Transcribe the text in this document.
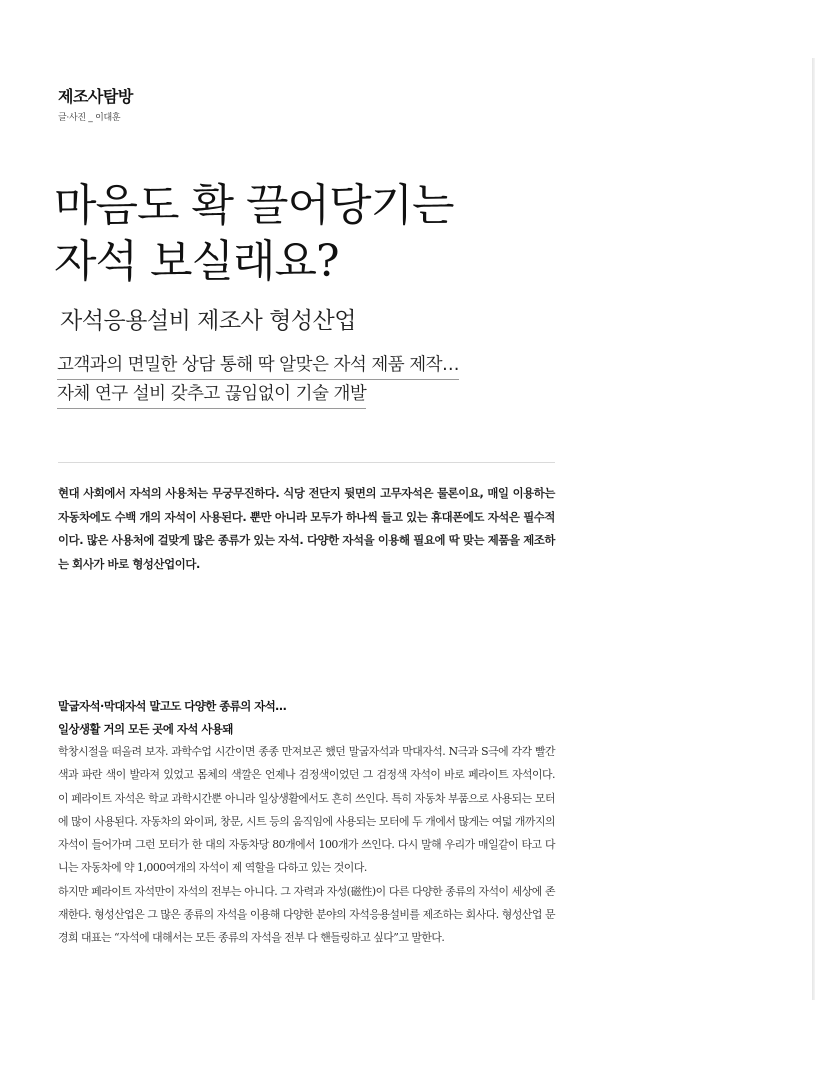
제조사탐방
글·사진 _ 이대훈
마음도 확 끌어당기는
자석 보실래요?
자석응용설비 제조사 형성산업
고객과의 면밀한 상담 통해 딱 알맞은 자석 제품 제작…
자체 연구 설비 갖추고 끊임없이 기술 개발
현대 사회에서 자석의 사용처는 무궁무진하다. 식당 전단지 뒷면의 고무자석은 물론이요, 매일 이용하는 자동차에도 수백 개의 자석이 사용된다. 뿐만 아니라 모두가 하나씩 들고 있는 휴대폰에도 자석은 필수적이다. 많은 사용처에 걸맞게 많은 종류가 있는 자석. 다양한 자석을 이용해 필요에 딱 맞는 제품을 제조하는 회사가 바로 형성산업이다.
말굽자석·막대자석 말고도 다양한 종류의 자석…
일상생활 거의 모든 곳에 자석 사용돼

학창시절을 떠올려 보자. 과학수업 시간이면 종종 만져보곤 했던 말굽자석과 막대자석. N극과 S극에 각각 빨간 색과 파란 색이 발라져 있었고 몸체의 색깔은 언제나 검정색이었던 그 검정색 자석이 바로 페라이트 자석이다. 이 페라이트 자석은 학교 과학시간뿐 아니라 일상생활에서도 흔히 쓰인다. 특히 자동차 부품으로 사용되는 모터에 많이 사용된다. 자동차의 와이퍼, 창문, 시트 등의 움직임에 사용되는 모터에 두 개에서 많게는 여덟 개까지의 자석이 들어가며 그런 모터가 한 대의 자동차당 80개에서 100개가 쓰인다. 다시 말해 우리가 매일같이 타고 다니는 자동차에 약 1,000여개의 자석이 제 역할을 다하고 있는 것이다.

하지만 페라이트 자석만이 자석의 전부는 아니다. 그 자력과 자성(磁性)이 다른 다양한 종류의 자석이 세상에 존재한다. 형성산업은 그 많은 종류의 자석을 이용해 다양한 분야의 자석응용설비를 제조하는 회사다. 형성산업 문경희 대표는 “자석에 대해서는 모든 종류의 자석을 전부 다 핸들링하고 싶다”고 말한다.
